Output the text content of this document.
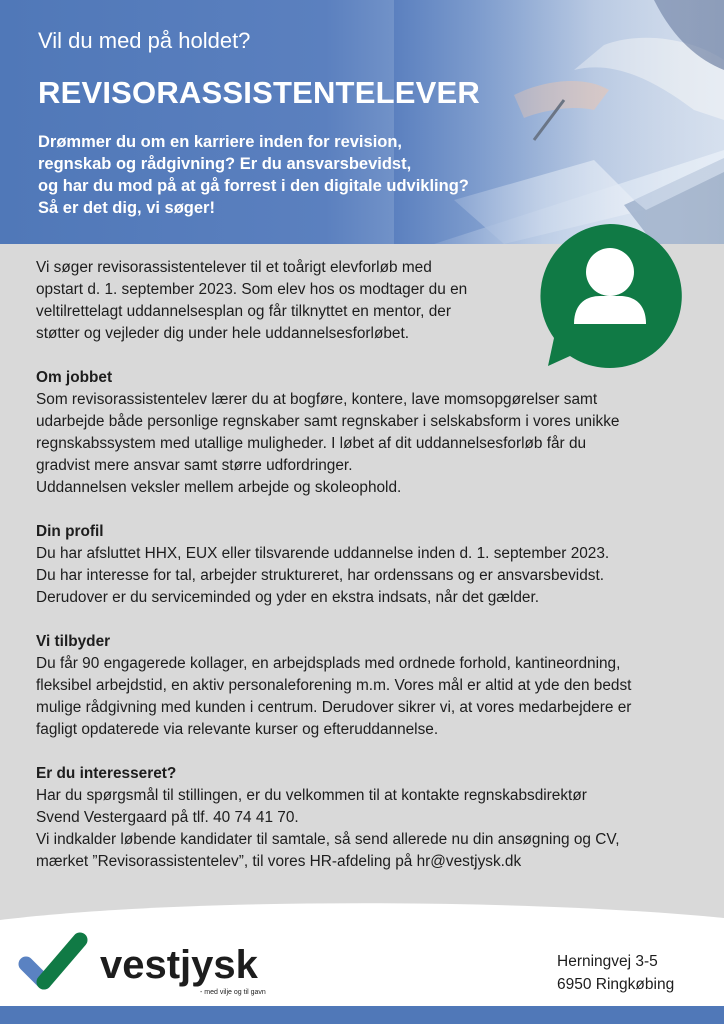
Vil du med på holdet?
REVISORASSISTENTELEVER
Drømmer du om en karriere inden for revision,
regnskab og rådgivning? Er du ansvarsbevidst,
og har du mod på at gå forrest i den digitale udvikling?
Så er det dig, vi søger!

Vi søger revisorassistentelever til et toårigt elevforløb med
opstart d. 1. september 2023. Som elev hos os modtager du en
veltilrettelagt uddannelsesplan og får tilknyttet en mentor, der
støtter og vejleder dig under hele uddannelsesforløbet.

Om jobbet
Som revisorassistentelev lærer du at bogføre, kontere, lave momsopgørelser samt
udarbejde både personlige regnskaber samt regnskaber i selskabsform i vores unikke
regnskabssystem med utallige muligheder. I løbet af dit uddannelsesforløb får du
gradvist mere ansvar samt større udfordringer.
Uddannelsen veksler mellem arbejde og skoleophold.
Din profil
Du har afsluttet HHX, EUX eller tilsvarende uddannelse inden d. 1. september 2023.
Du har interesse for tal, arbejder struktureret, har ordenssans og er ansvarsbevidst.
Derudover er du serviceminded og yder en ekstra indsats, når det gælder.
Vi tilbyder
Du får 90 engagerede kollager, en arbejdsplads med ordnede forhold, kantineordning,
fleksibel arbejdstid, en aktiv personaleforening m.m. Vores mål er altid at yde den bedst
mulige rådgivning med kunden i centrum. Derudover sikrer vi, at vores medarbejdere er
fagligt opdaterede via relevante kurser og efteruddannelse.
Er du interesseret?
Har du spørgsmål til stillingen, er du velkommen til at kontakte regnskabsdirektør
Svend Vestergaard på tlf. 40 74 41 70.

Vi indkalder løbende kandidater til samtale, så send allerede nu din ansøgning og CV,
mærket ”Revisorassistentelev”, til vores HR-afdeling på hr@vestjysk.dk

vestjysk
- med vilje og til gavn
Herningvej 3-5
6950 Ringkøbing
